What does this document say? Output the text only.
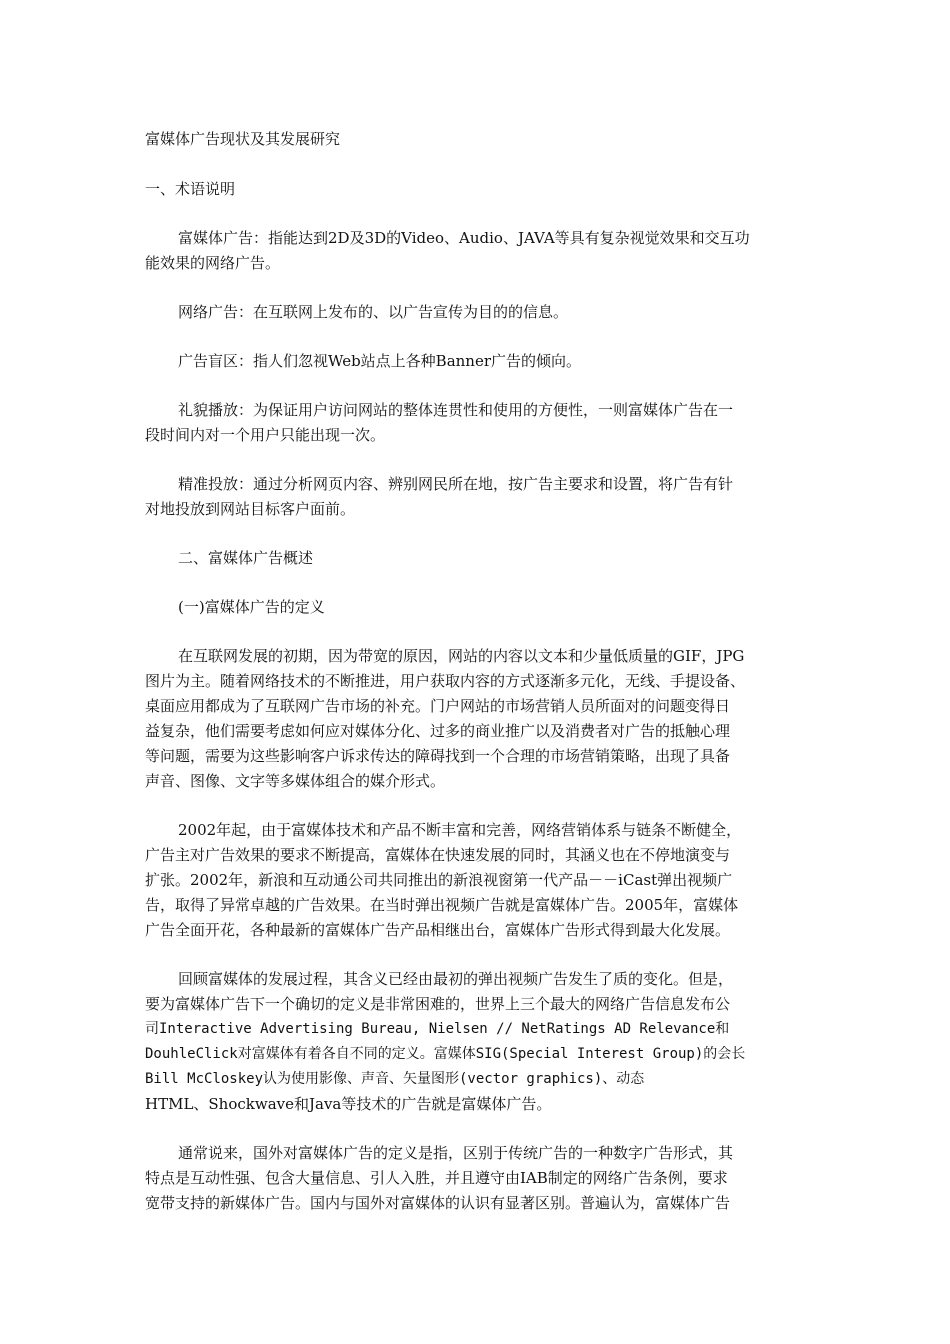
富媒体广告现状及其发展研究

一、术语说明

富媒体广告：指能达到2D及3D的Video、Audio、JAVA等具有复杂视觉效果和交互功
能效果的网络广告。

网络广告：在互联网上发布的、以广告宣传为目的的信息。

广告盲区：指人们忽视Web站点上各种Banner广告的倾向。

礼貌播放：为保证用户访问网站的整体连贯性和使用的方便性，一则富媒体广告在一
段时间内对一个用户只能出现一次。

精准投放：通过分析网页内容、辨别网民所在地，按广告主要求和设置，将广告有针
对地投放到网站目标客户面前。

二、富媒体广告概述

(一)富媒体广告的定义

在互联网发展的初期，因为带宽的原因，网站的内容以文本和少量低质量的GIF，JPG
图片为主。随着网络技术的不断推进，用户获取内容的方式逐渐多元化，无线、手提设备、
桌面应用都成为了互联网广告市场的补充。门户网站的市场营销人员所面对的问题变得日
益复杂，他们需要考虑如何应对媒体分化、过多的商业推广以及消费者对广告的抵触心理
等问题，需要为这些影响客户诉求传达的障碍找到一个合理的市场营销策略，出现了具备
声音、图像、文字等多媒体组合的媒介形式。
2002年起，由于富媒体技术和产品不断丰富和完善，网络营销体系与链条不断健全，
广告主对广告效果的要求不断提高，富媒体在快速发展的同时，其涵义也在不停地演变与
扩张。2002年，新浪和互动通公司共同推出的新浪视窗第一代产品－－iCast弹出视频广
告，取得了异常卓越的广告效果。在当时弹出视频广告就是富媒体广告。2005年，富媒体
广告全面开花，各种最新的富媒体广告产品相继出台，富媒体广告形式得到最大化发展。
回顾富媒体的发展过程，其含义已经由最初的弹出视频广告发生了质的变化。但是，
要为富媒体广告下一个确切的定义是非常困难的，世界上三个最大的网络广告信息发布公
司Interactive Advertising Bureau, Nielsen // NetRatings AD Relevance和
DouhleClick对富媒体有着各自不同的定义。富媒体SIG(Special Interest Group)的会长
Bill McCloskey认为使用影像、声音、矢量图形(vector graphics)、动态
HTML、Shockwave和Java等技术的广告就是富媒体广告。
通常说来，国外对富媒体广告的定义是指，区别于传统广告的一种数字广告形式，其
特点是互动性强、包含大量信息、引人入胜，并且遵守由IAB制定的网络广告条例，要求
宽带支持的新媒体广告。国内与国外对富媒体的认识有显著区别。普遍认为，富媒体广告
